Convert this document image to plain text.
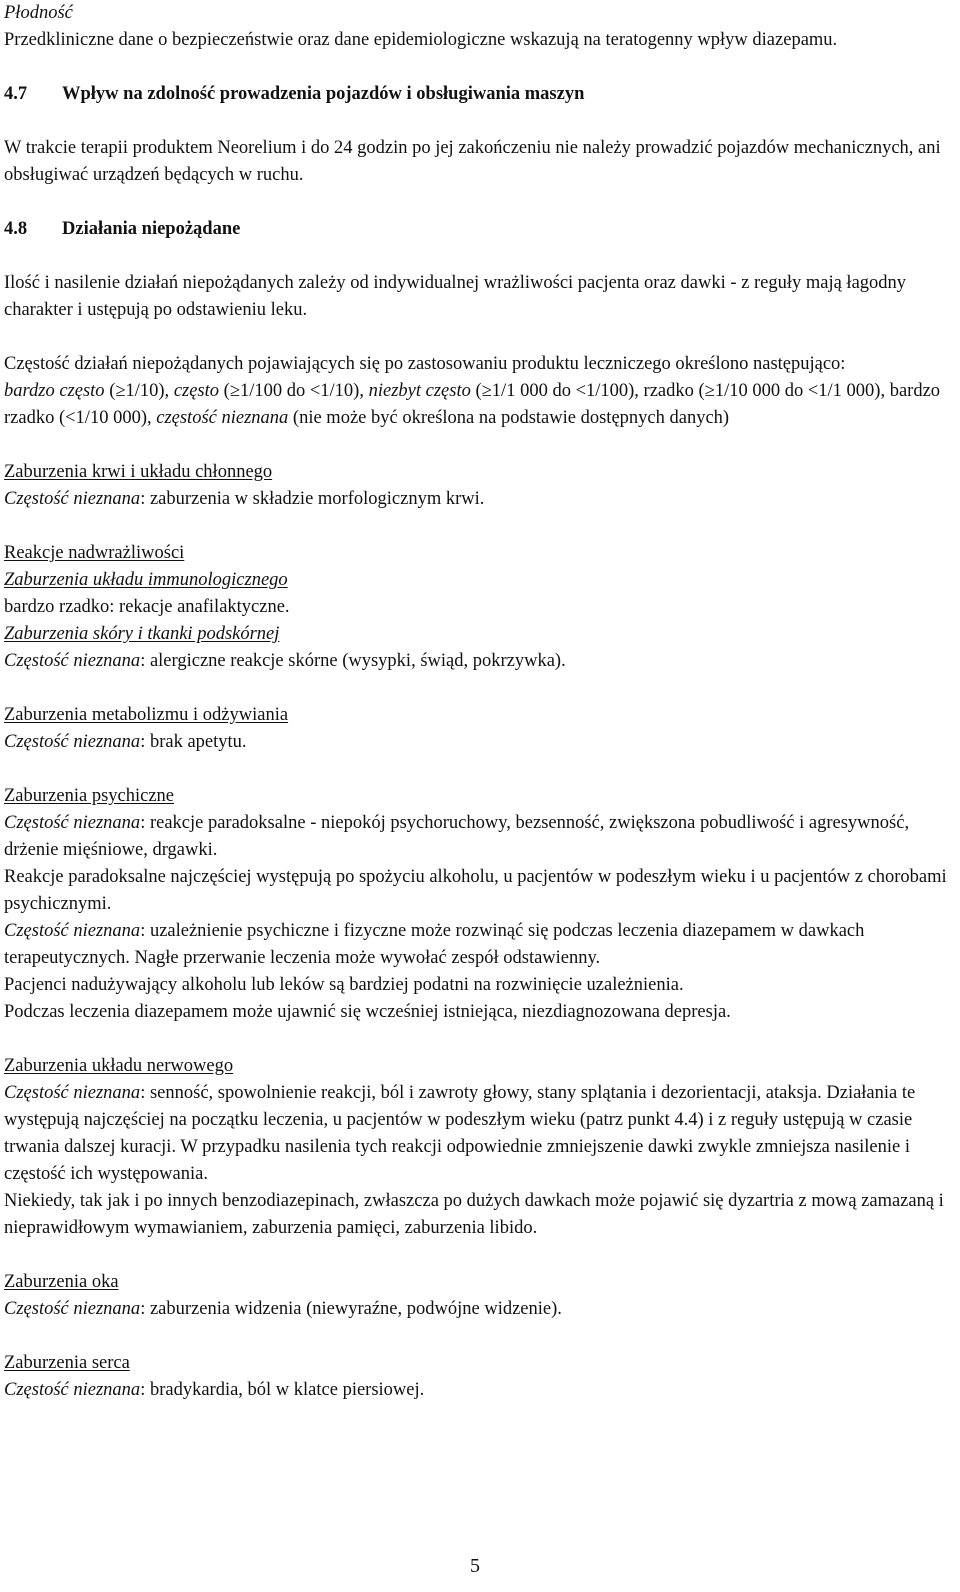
Płodność

Przedkliniczne dane o bezpieczeństwie oraz dane epidemiologiczne wskazują na teratogenny wpływ diazepamu.

4.7 Wpływ na zdolność prowadzenia pojazdów i obsługiwania maszyn

W trakcie terapii produktem Neorelium i do 24 godzin po jej zakończeniu nie należy prowadzić pojazdów mechanicznych, ani obsługiwać urządzeń będących w ruchu.

4.8 Działania niepożądane

Ilość i nasilenie działań niepożądanych zależy od indywidualnej wrażliwości pacjenta oraz dawki - z reguły mają łagodny charakter i ustępują po odstawieniu leku.

Częstość działań niepożądanych pojawiających się po zastosowaniu produktu leczniczego określono następująco:

bardzo często (≥1/10), często (≥1/100 do <1/10), niezbyt często (≥1/1 000 do <1/100), rzadko (≥1/10 000 do <1/1 000), bardzo rzadko (<1/10 000), częstość nieznana (nie może być określona na podstawie dostępnych danych)

Zaburzenia krwi i układu chłonnego

Częstość nieznana: zaburzenia w składzie morfologicznym krwi.

Reakcje nadwrażliwości

Zaburzenia układu immunologicznego

bardzo rzadko: rekacje anafilaktyczne.

Zaburzenia skóry i tkanki podskórnej

Częstość nieznana: alergiczne reakcje skórne (wysypki, świąd, pokrzywka).

Zaburzenia metabolizmu i odżywiania

Częstość nieznana: brak apetytu.

Zaburzenia psychiczne

Częstość nieznana: reakcje paradoksalne - niepokój psychoruchowy, bezsenność, zwiększona pobudliwość i agresywność, drżenie mięśniowe, drgawki.

Reakcje paradoksalne najczęściej występują po spożyciu alkoholu, u pacjentów w podeszłym wieku i u pacjentów z chorobami psychicznymi.

Częstość nieznana: uzależnienie psychiczne i fizyczne może rozwinąć się podczas leczenia diazepamem w dawkach terapeutycznych. Nagłe przerwanie leczenia może wywołać zespół odstawienny.

Pacjenci nadużywający alkoholu lub leków są bardziej podatni na rozwinięcie uzależnienia.

Podczas leczenia diazepamem może ujawnić się wcześniej istniejąca, niezdiagnozowana depresja.

Zaburzenia układu nerwowego

Częstość nieznana: senność, spowolnienie reakcji, ból i zawroty głowy, stany splątania i dezorientacji, ataksja. Działania te występują najczęściej na początku leczenia, u pacjentów w podeszłym wieku (patrz punkt 4.4) i z reguły ustępują w czasie trwania dalszej kuracji. W przypadku nasilenia tych reakcji odpowiednie zmniejszenie dawki zwykle zmniejsza nasilenie i częstość ich występowania.

Niekiedy, tak jak i po innych benzodiazepinach, zwłaszcza po dużych dawkach może pojawić się dyzartria z mową zamazaną i nieprawidłowym wymawianiem, zaburzenia pamięci, zaburzenia libido.

Zaburzenia oka

Częstość nieznana: zaburzenia widzenia (niewyraźne, podwójne widzenie).

Zaburzenia serca

Częstość nieznana: bradykardia, ból w klatce piersiowej.

5
